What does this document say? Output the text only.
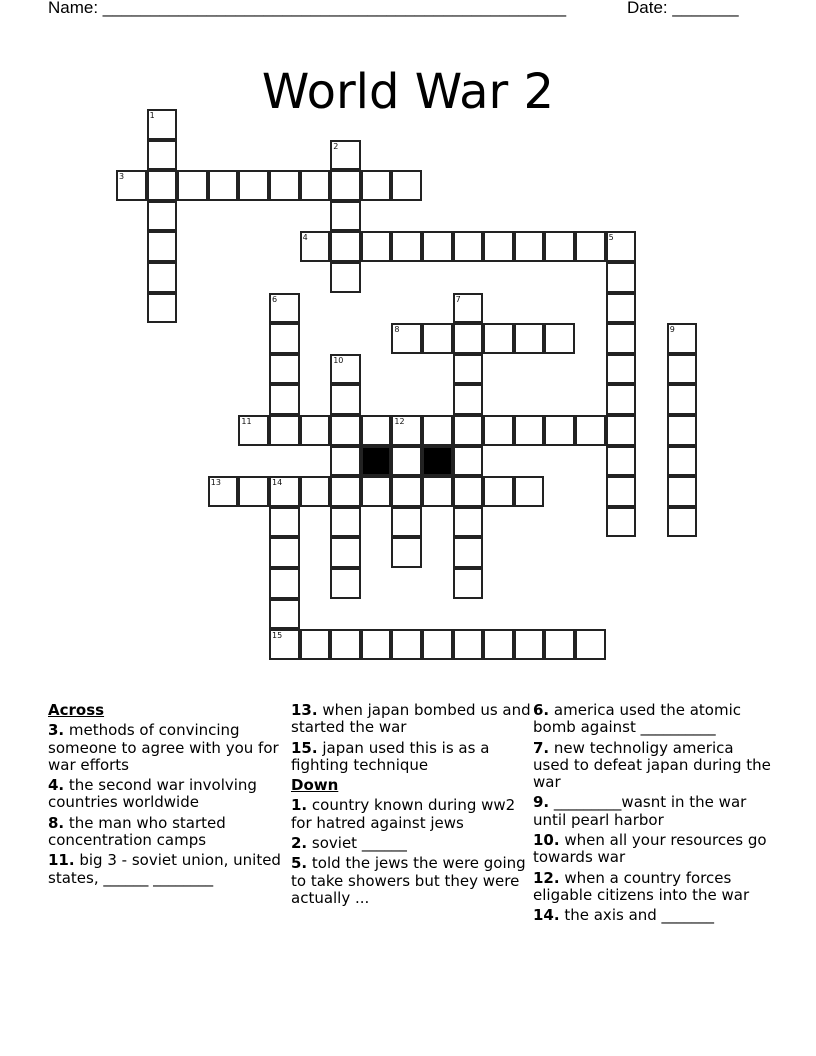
Name: _________________________________________________	Date: _______
World War 2
1
2
3
4	5
6	7
8	9
10
11	12
13	14
15
Across
3. methods of convincing someone to agree with you for war efforts
4. the second war involving countries worldwide
8. the man who started concentration camps
11. big 3 - soviet union, united states, ______ ________
13. when japan bombed us and started the war
15. japan used this is as a fighting technique
Down
1. country known during ww2 for hatred against jews
2. soviet ______
5. told the jews the were going to take showers but they were actually ...
6. america used the atomic bomb against __________
7. new technoligy america used to defeat japan during the war
9. _________wasnt in the war until pearl harbor
10. when all your resources go towards war
12. when a country forces eligable citizens into the war
14. the axis and _______
